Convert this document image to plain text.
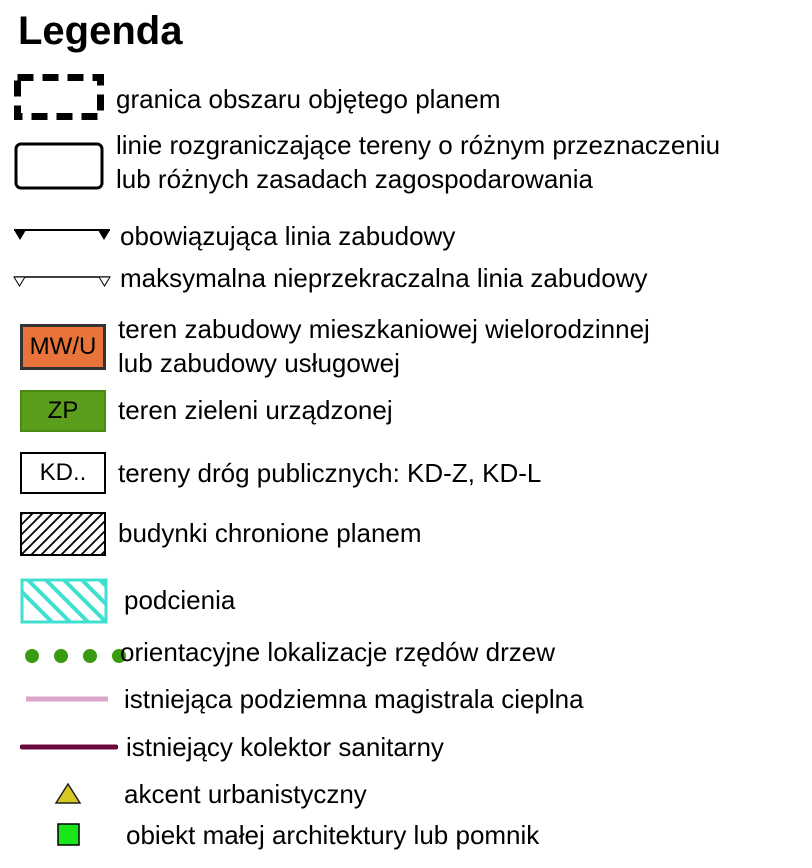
Legenda
granica obszaru objętego planem
linie rozgraniczające tereny o różnym przeznaczeniu
lub różnych zasadach zagospodarowania
obowiązująca linia zabudowy
maksymalna nieprzekraczalna linia zabudowy
MW/U
teren zabudowy mieszkaniowej wielorodzinnej
lub zabudowy usługowej
ZP teren zieleni urządzonej
KD.. tereny dróg publicznych: KD-Z, KD-L
budynki chronione planem
podcienia
orientacyjne lokalizacje rzędów drzew
istniejąca podziemna magistrala cieplna
istniejący kolektor sanitarny
akcent urbanistyczny
obiekt małej architektury lub pomnik
